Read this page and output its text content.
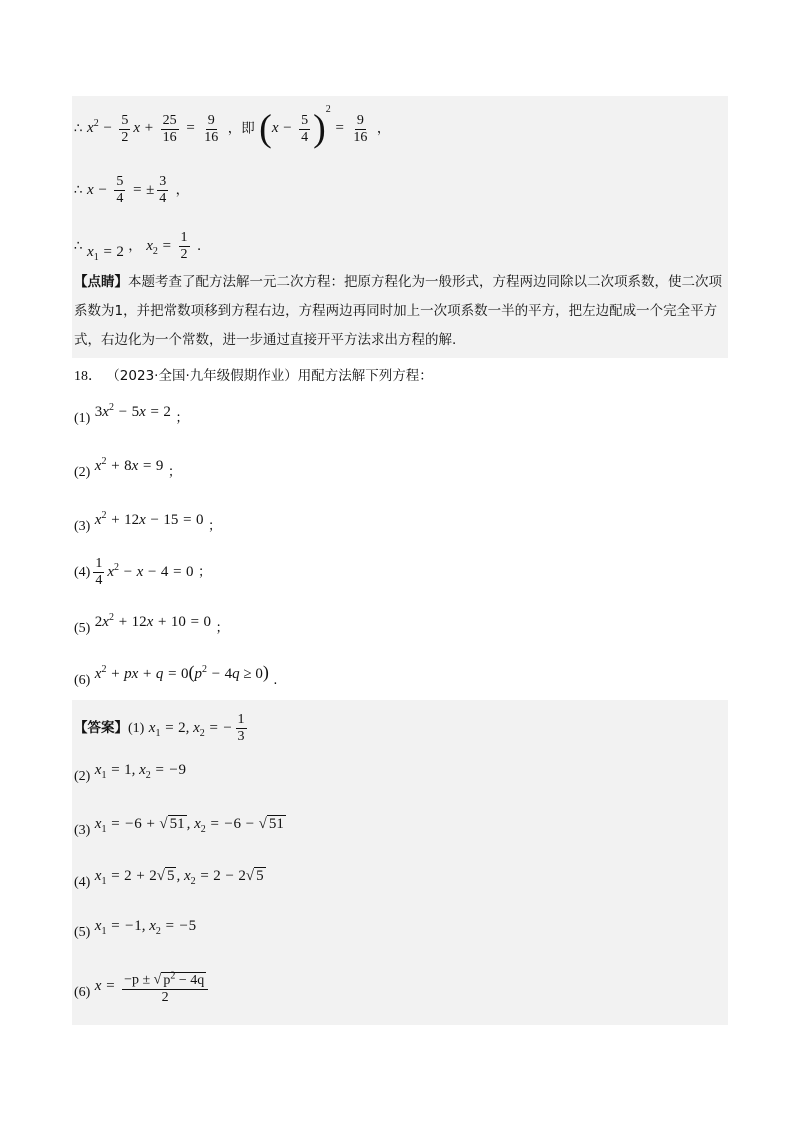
∴ $x^2 - \frac{5}{2}$ $x + \frac{25}{16} = \frac{9}{16}$ ，即 $(x - \frac{5}{4} )^2 = \frac{9}{16}$ ，
∴ $x - \frac{5}{4}$ = ± $\frac{3}{4}$ ，
∴ $x_1 = 2$ ， $x_2 = \frac{1}{2}$ ．
【点睛】本题考查了配方法解一元二次方程：把原方程化为一般形式，方程两边同除以二次项系数，使二次项系数为1，并把常数项移到方程右边，方程两边再同时加上一次项系数一半的平方，把左边配成一个完全平方式，右边化为一个常数，进一步通过直接开平方法求出方程的解.
18． （2023·全国·九年级假期作业）用配方法解下列方程：
(1) $3x^2 - 5x = 2$ ；
(2) $x^2 + 8x = 9$ ；
(3) $x^2 + 12x - 15 = 0$ ；
$(4) \frac{1}{4} x^2 - x - 4 = 0$ ；
(5) $2x^2 + 12x + 10 = 0$ ；
(6) $x^2$ + px + $q = 0(p^2 - 4q \ge 0)$ .
【答案】(1) $x_1 = 2$, $x_2$ = − $\frac{1}{3}$
(2) $x_1 = 1$, $x_2 = -9$
(3) $x_1 = -6$ + √ 51 , $x_2 = -6$ − √ 51
(4) $x_1 = 2 + 2√$ 5 , $x_2 = 2 - 2√$ 5
(5) $x_1 = -1$, $x_2 = -5$
(6) $x = \frac{-p \pm √ p^2 - 4q}{2}$
